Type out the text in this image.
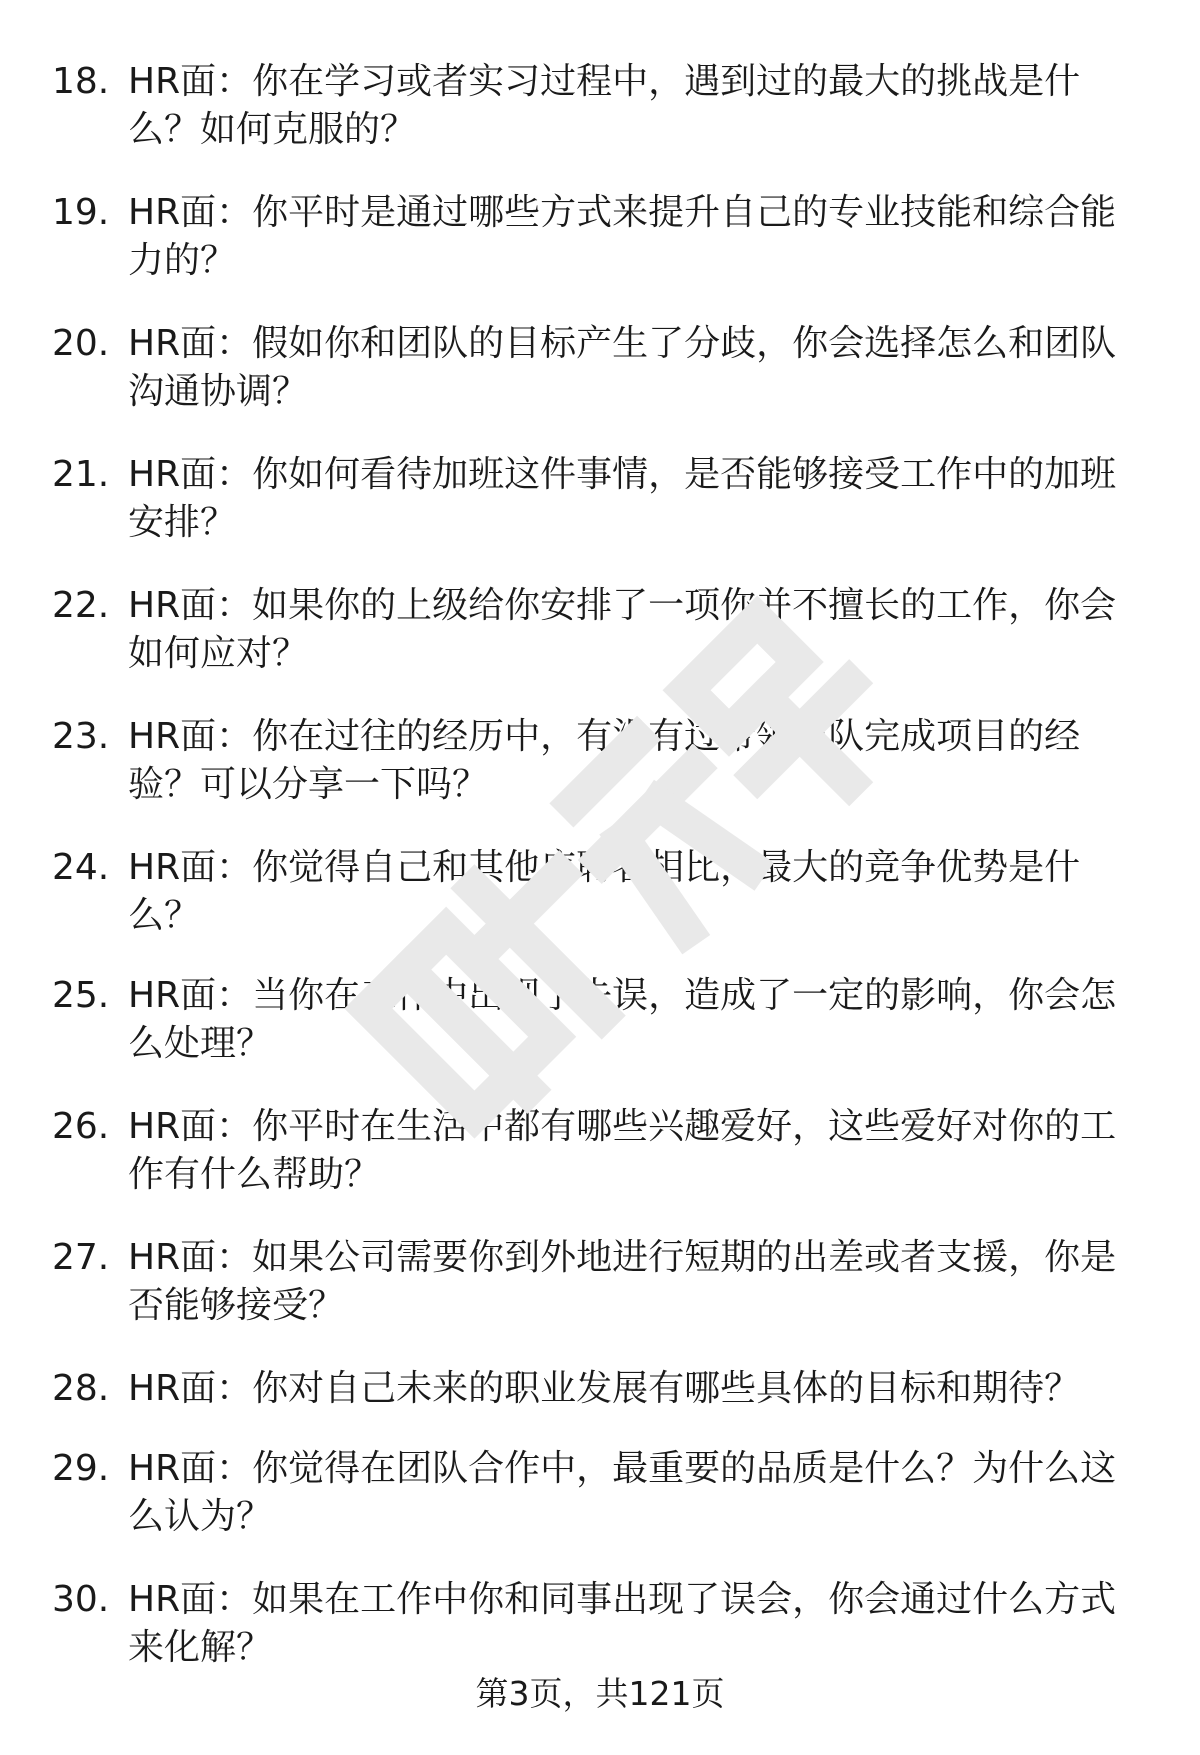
18. HR面：你在学习或者实习过程中，遇到过的最大的挑战是什么？如何克服的？
19. HR面：你平时是通过哪些方式来提升自己的专业技能和综合能力的？
20. HR面：假如你和团队的目标产生了分歧，你会选择怎么和团队沟通协调？
21. HR面：你如何看待加班这件事情，是否能够接受工作中的加班安排？
22. HR面：如果你的上级给你安排了一项你并不擅长的工作，你会如何应对？
23. HR面：你在过往的经历中，有没有过带领团队完成项目的经验？可以分享一下吗？
24. HR面：你觉得自己和其他应聘者相比，最大的竞争优势是什么？
25. HR面：当你在工作中出现了失误，造成了一定的影响，你会怎么处理？
26. HR面：你平时在生活中都有哪些兴趣爱好，这些爱好对你的工作有什么帮助？
27. HR面：如果公司需要你到外地进行短期的出差或者支援，你是否能够接受？
28. HR面：你对自己未来的职业发展有哪些具体的目标和期待？
29. HR面：你觉得在团队合作中，最重要的品质是什么？为什么这么认为？
30. HR面：如果在工作中你和同事出现了误会，你会通过什么方式来化解？
第3页，共121页
